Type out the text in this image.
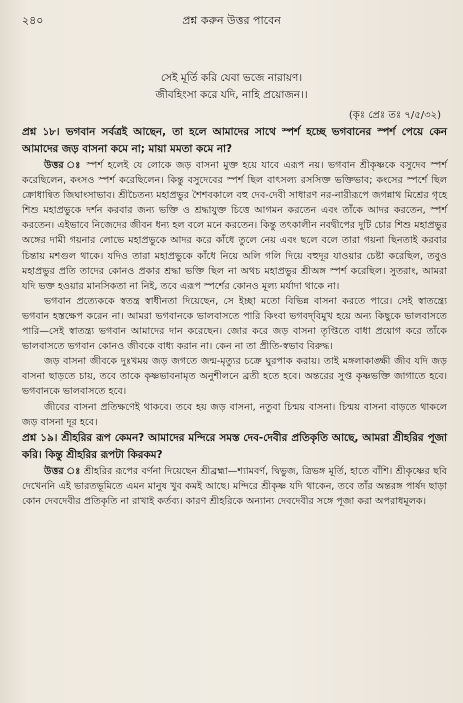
২৪০	প্রশ্ন করুন উত্তর পাবেন
সেই মূর্তি করি যেবা ভজে নারায়ণ।
জীবহিংসা করে যদি, নাহি প্রয়োজন।।
(কৃঃ প্রেঃ তঃ ৭/৫/৩২)

প্রশ্ন ১৮। ভগবান সর্বত্রই আছেন, তা হলে আমাদের সাথে স্পর্শ হচ্ছে ভগবানের স্পর্শ পেয়ে কেন আমাদের জড় বাসনা কমে না; মায়া মমতা কমে না?

উত্তর ঃ স্পর্শ হলেই যে লোকে জড় বাসনা মুক্ত হয়ে যাবে এরূপ নয়। ভগবান শ্রীকৃষ্ণকে বসুদেব স্পর্শ করেছিলেন, কংসও স্পর্শ করেছিলেন। কিন্তু বসুদেবের স্পর্শ ছিল বাৎসল্য রসসিক্ত ভক্তিভাব; কংসের স্পর্শে ছিল ক্রোধান্বিত জিঘাংসাভাব। শ্রীচৈতন্য মহাপ্রভুর শৈশবকালে বহু দেব-দেবী সাধারণ নর-নারীরূপে জগন্নাথ মিশ্রের গৃহে শিশু মহাপ্রভুকে দর্শন করবার জন্য ভক্তি ও শ্রদ্ধাযুক্ত চিত্তে আগমন করতেন এবং তাঁকে আদর করতেন, স্পর্শ করতেন। এইভাবে নিজেদের জীবন ধন্য হল বলে মনে করতেন। কিন্তু তৎকালীন নবদ্বীপের দুটি চোর শিশু মহাপ্রভুর অঙ্গের দামী গয়নার লোভে মহাপ্রভুকে আদর করে কাঁধে তুলে নেয় এবং ছলে বলে তারা গয়না ছিনতাই করবার চিন্তায় মশগুল থাকে। যদিও তারা মহাপ্রভুকে কাঁধে নিয়ে অলি গলি দিয়ে বহুদূর যাওয়ার চেষ্টা করেছিল, তবুও মহাপ্রভুর প্রতি তাদের কোনও প্রকার শ্রদ্ধা ভক্তি ছিল না অথচ মহাপ্রভুর শ্রীঅঙ্গ স্পর্শ করেছিল। সুতরাং, আমরা যদি ভক্ত হওয়ার মানসিকতা না নিই, তবে এরূপ স্পর্শের কোনও মূল্য মর্যাদা থাকে না।

ভগবান প্রত্যেককে স্বতন্ত্র স্বাধীনতা দিয়েছেন, সে ইচ্ছা মতো বিভিন্ন বাসনা করতে পারে। সেই স্বাতন্ত্র্যে ভগবান হস্তক্ষেপ করেন না। আমরা ভগবানকে ভালবাসতে পারি কিংবা ভগবদ্‌বিমুখ হয়ে অন্য কিছুকে ভালবাসতে পারি—সেই স্বাতন্ত্র্য ভগবান আমাদের দান করেছেন। জোর করে জড় বাসনা তৃপ্তিতে বাধা প্রয়োগ করে তাঁকে ভালবাসতে ভগবান কোনও জীবকে বাধ্য করান না। কেন না তা প্রীতি-স্বভাব বিরুদ্ধ।

জড় বাসনা জীবকে দুঃখময় জড় জগতে জন্ম-মৃত্যুর চক্রে ঘুরপাক করায়। তাই মঙ্গলাকাঙ্ক্ষী জীব যদি জড় বাসনা ছাড়তে চায়, তবে তাকে কৃষ্ণভাবনামৃত অনুশীলনে ব্রতী হতে হবে। অন্তরের সুপ্ত কৃষ্ণভক্তি জাগাতে হবে। ভগবানকে ভালবাসতে হবে।

জীবের বাসনা প্রতিক্ষণেই থাকবে। তবে হয় জড় বাসনা, নতুবা চিন্ময় বাসনা। চিন্ময় বাসনা বাড়তে থাকলে জড় বাসনা দূর হবে।

প্রশ্ন ১৯। শ্রীহরির রূপ কেমন? আমাদের মন্দিরে সমস্ত দেব-দেবীর প্রতিকৃতি আছে, আমরা শ্রীহরির পূজা করি। কিন্তু শ্রীহরির রূপটা কিরকম?

উত্তর ঃ শ্রীহরির রূপের বর্ণনা দিয়েছেন শ্রীব্রহ্মা—শ্যামবর্ণ, দ্বিভুজ, ত্রিভঙ্গ মূর্তি, হাতে বাঁশি। শ্রীকৃষ্ণের ছবি দেখেননি এই ভারতভূমিতে এমন মানুষ খুব কমই আছে। মন্দিরে শ্রীকৃষ্ণ যদি থাকেন, তবে তাঁর অন্তরঙ্গ পার্ষদ ছাড়া কোন দেবদেবীর প্রতিকৃতি না রাখাই কর্তব্য। কারণ শ্রীহরিকে অন্যান্য দেবদেবীর সঙ্গে পূজা করা অপরাধমূলক।
